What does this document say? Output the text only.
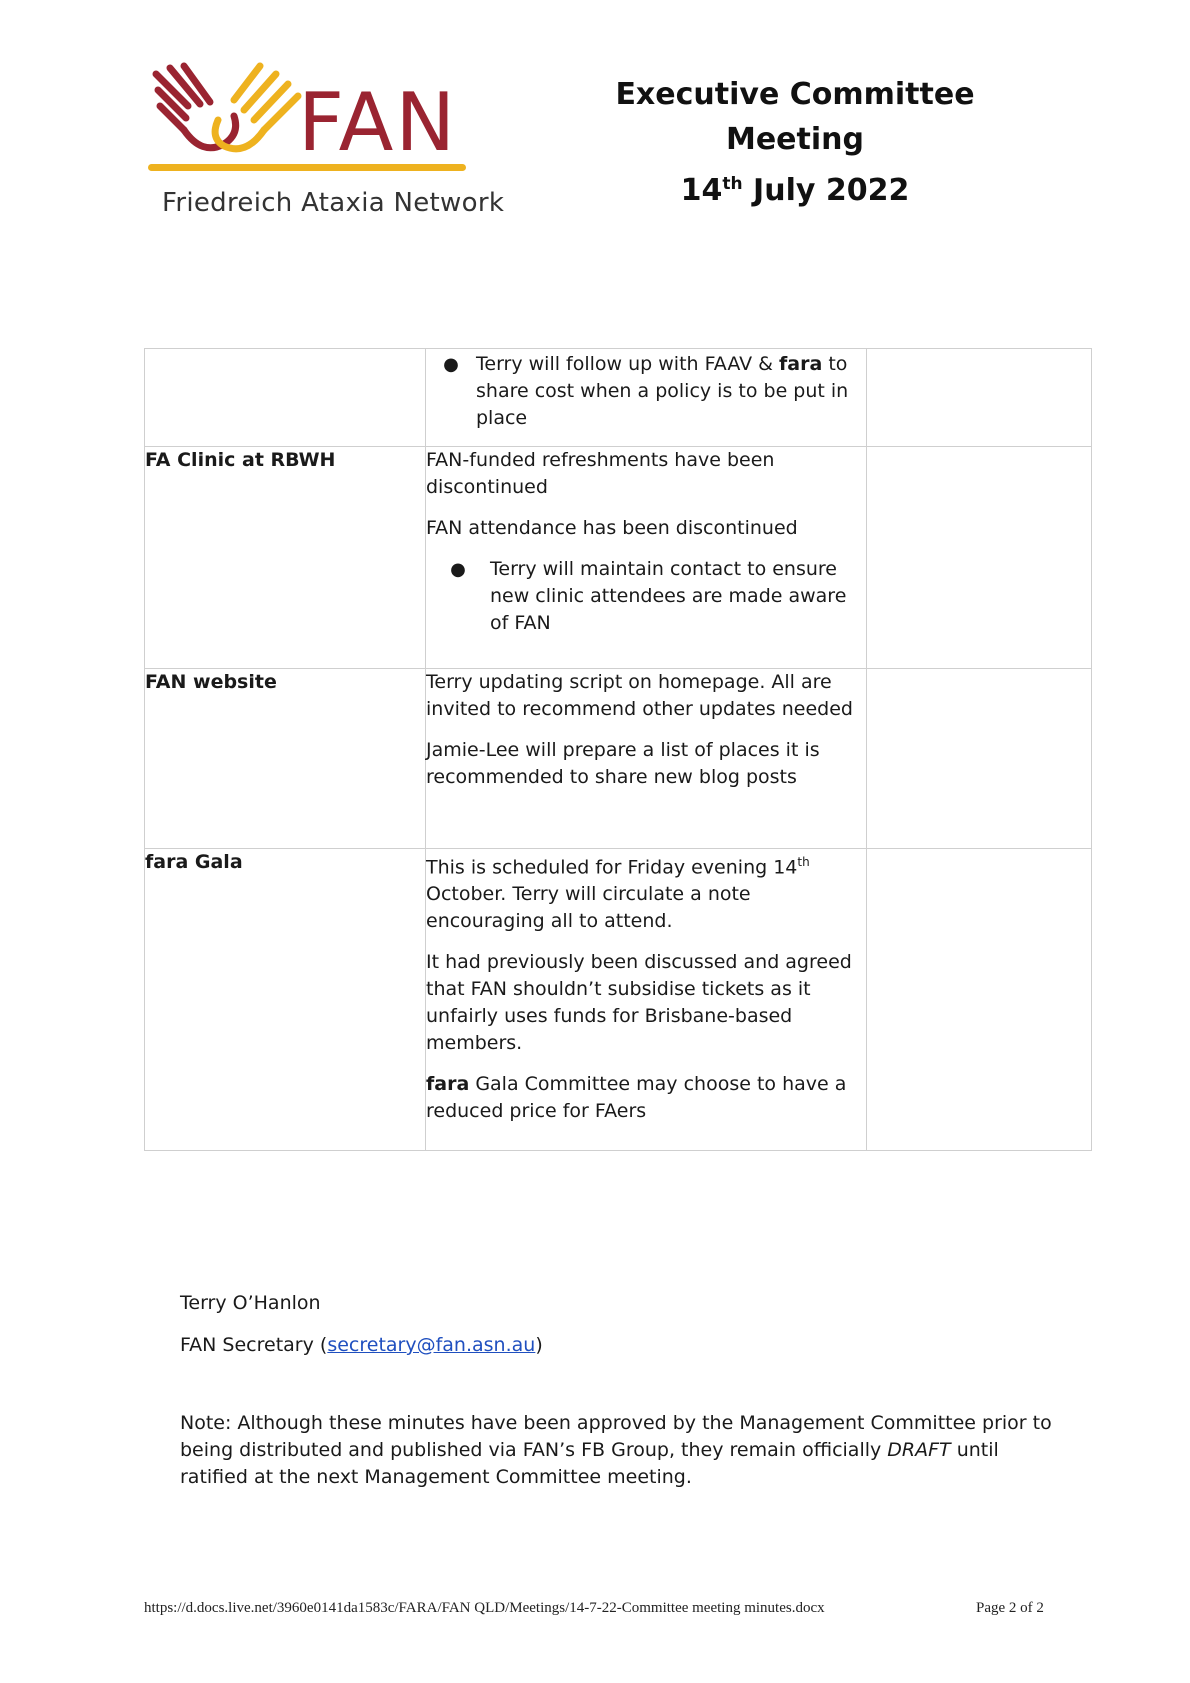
FAN
Friedreich Ataxia Network
Executive Committee Meeting
14th July 2022

	● Terry will follow up with FAAV & fara to share cost when a policy is to be put in place	

FA Clinic at RBWH	FAN-funded refreshments have been discontinued
FAN attendance has been discontinued
● Terry will maintain contact to ensure new clinic attendees are made aware of FAN	

FAN website	Terry updating script on homepage. All are invited to recommend other updates needed
Jamie-Lee will prepare a list of places it is recommended to share new blog posts	

fara Gala	This is scheduled for Friday evening 14th October. Terry will circulate a note encouraging all to attend.
It had previously been discussed and agreed that FAN shouldn’t subsidise tickets as it unfairly uses funds for Brisbane-based members.
fara Gala Committee may choose to have a reduced price for FAers	

Terry O’Hanlon
FAN Secretary (secretary@fan.asn.au)
Note: Although these minutes have been approved by the Management Committee prior to being distributed and published via FAN’s FB Group, they remain officially DRAFT until ratified at the next Management Committee meeting.
https://d.docs.live.net/3960e0141da1583c/FARA/FAN QLD/Meetings/14-7-22-Committee meeting minutes.docx	Page 2 of 2
